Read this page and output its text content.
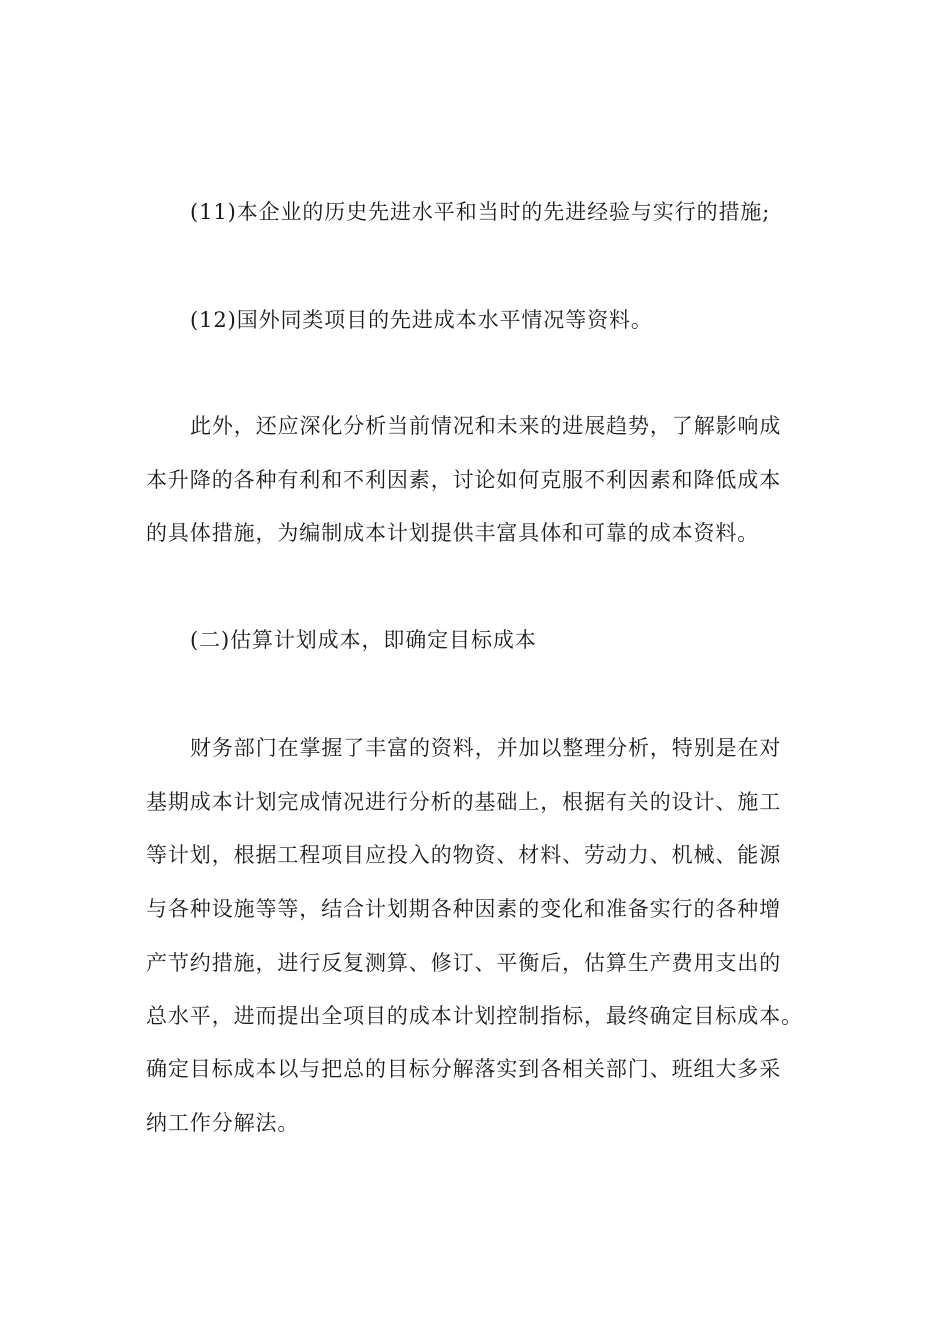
(11)本企业的历史先进水平和当时的先进经验与实行的措施;
(12)国外同类项目的先进成本水平情况等资料。
此外，还应深化分析当前情况和未来的进展趋势，了解影响成
本升降的各种有利和不利因素，讨论如何克服不利因素和降低成本
的具体措施，为编制成本计划提供丰富具体和可靠的成本资料。
(二)估算计划成本，即确定目标成本
财务部门在掌握了丰富的资料，并加以整理分析，特别是在对
基期成本计划完成情况进行分析的基础上，根据有关的设计、施工
等计划，根据工程项目应投入的物资、材料、劳动力、机械、能源
与各种设施等等，结合计划期各种因素的变化和准备实行的各种增
产节约措施，进行反复测算、修订、平衡后，估算生产费用支出的
总水平，进而提出全项目的成本计划控制指标，最终确定目标成本。
确定目标成本以与把总的目标分解落实到各相关部门、班组大多采
纳工作分解法。
